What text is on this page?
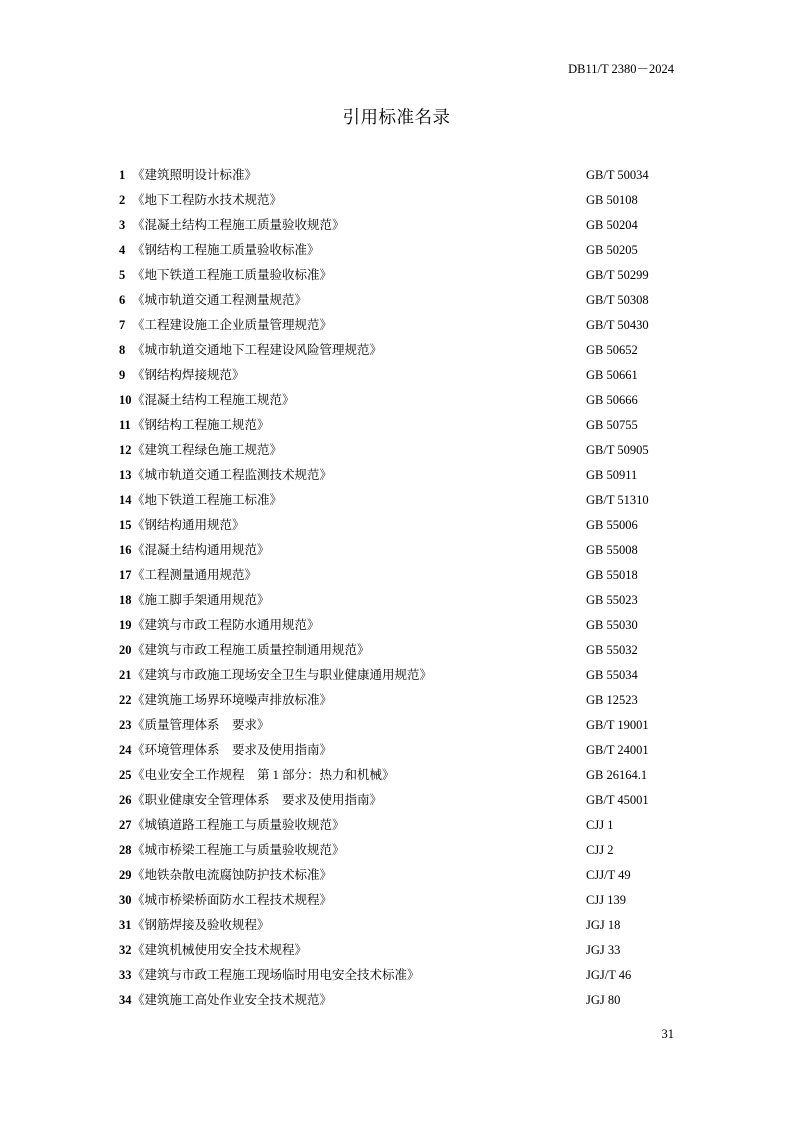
DB11/T 2380－2024
引用标准名录
1 《建筑照明设计标准》	GB/T 50034
2 《地下工程防水技术规范》	GB 50108
3 《混凝土结构工程施工质量验收规范》	GB 50204
4 《钢结构工程施工质量验收标准》	GB 50205
5 《地下铁道工程施工质量验收标准》	GB/T 50299
6 《城市轨道交通工程测量规范》	GB/T 50308
7 《工程建设施工企业质量管理规范》	GB/T 50430
8 《城市轨道交通地下工程建设风险管理规范》	GB 50652
9 《钢结构焊接规范》	GB 50661
10《混凝土结构工程施工规范》	GB 50666
11《钢结构工程施工规范》	GB 50755
12《建筑工程绿色施工规范》	GB/T 50905
13《城市轨道交通工程监测技术规范》	GB 50911
14《地下铁道工程施工标准》	GB/T 51310
15《钢结构通用规范》	GB 55006
16《混凝土结构通用规范》	GB 55008
17《工程测量通用规范》	GB 55018
18《施工脚手架通用规范》	GB 55023
19《建筑与市政工程防水通用规范》	GB 55030
20《建筑与市政工程施工质量控制通用规范》	GB 55032
21《建筑与市政施工现场安全卫生与职业健康通用规范》	GB 55034
22《建筑施工场界环境噪声排放标准》	GB 12523
23《质量管理体系　要求》	GB/T 19001
24《环境管理体系　要求及使用指南》	GB/T 24001
25《电业安全工作规程　第 1 部分：热力和机械》	GB 26164.1
26《职业健康安全管理体系　要求及使用指南》	GB/T 45001
27《城镇道路工程施工与质量验收规范》	CJJ 1
28《城市桥梁工程施工与质量验收规范》	CJJ 2
29《地铁杂散电流腐蚀防护技术标准》	CJJ/T 49
30《城市桥梁桥面防水工程技术规程》	CJJ 139
31《钢筋焊接及验收规程》	JGJ 18
32《建筑机械使用安全技术规程》	JGJ 33
33《建筑与市政工程施工现场临时用电安全技术标准》	JGJ/T 46
34《建筑施工高处作业安全技术规范》	JGJ 80
31
